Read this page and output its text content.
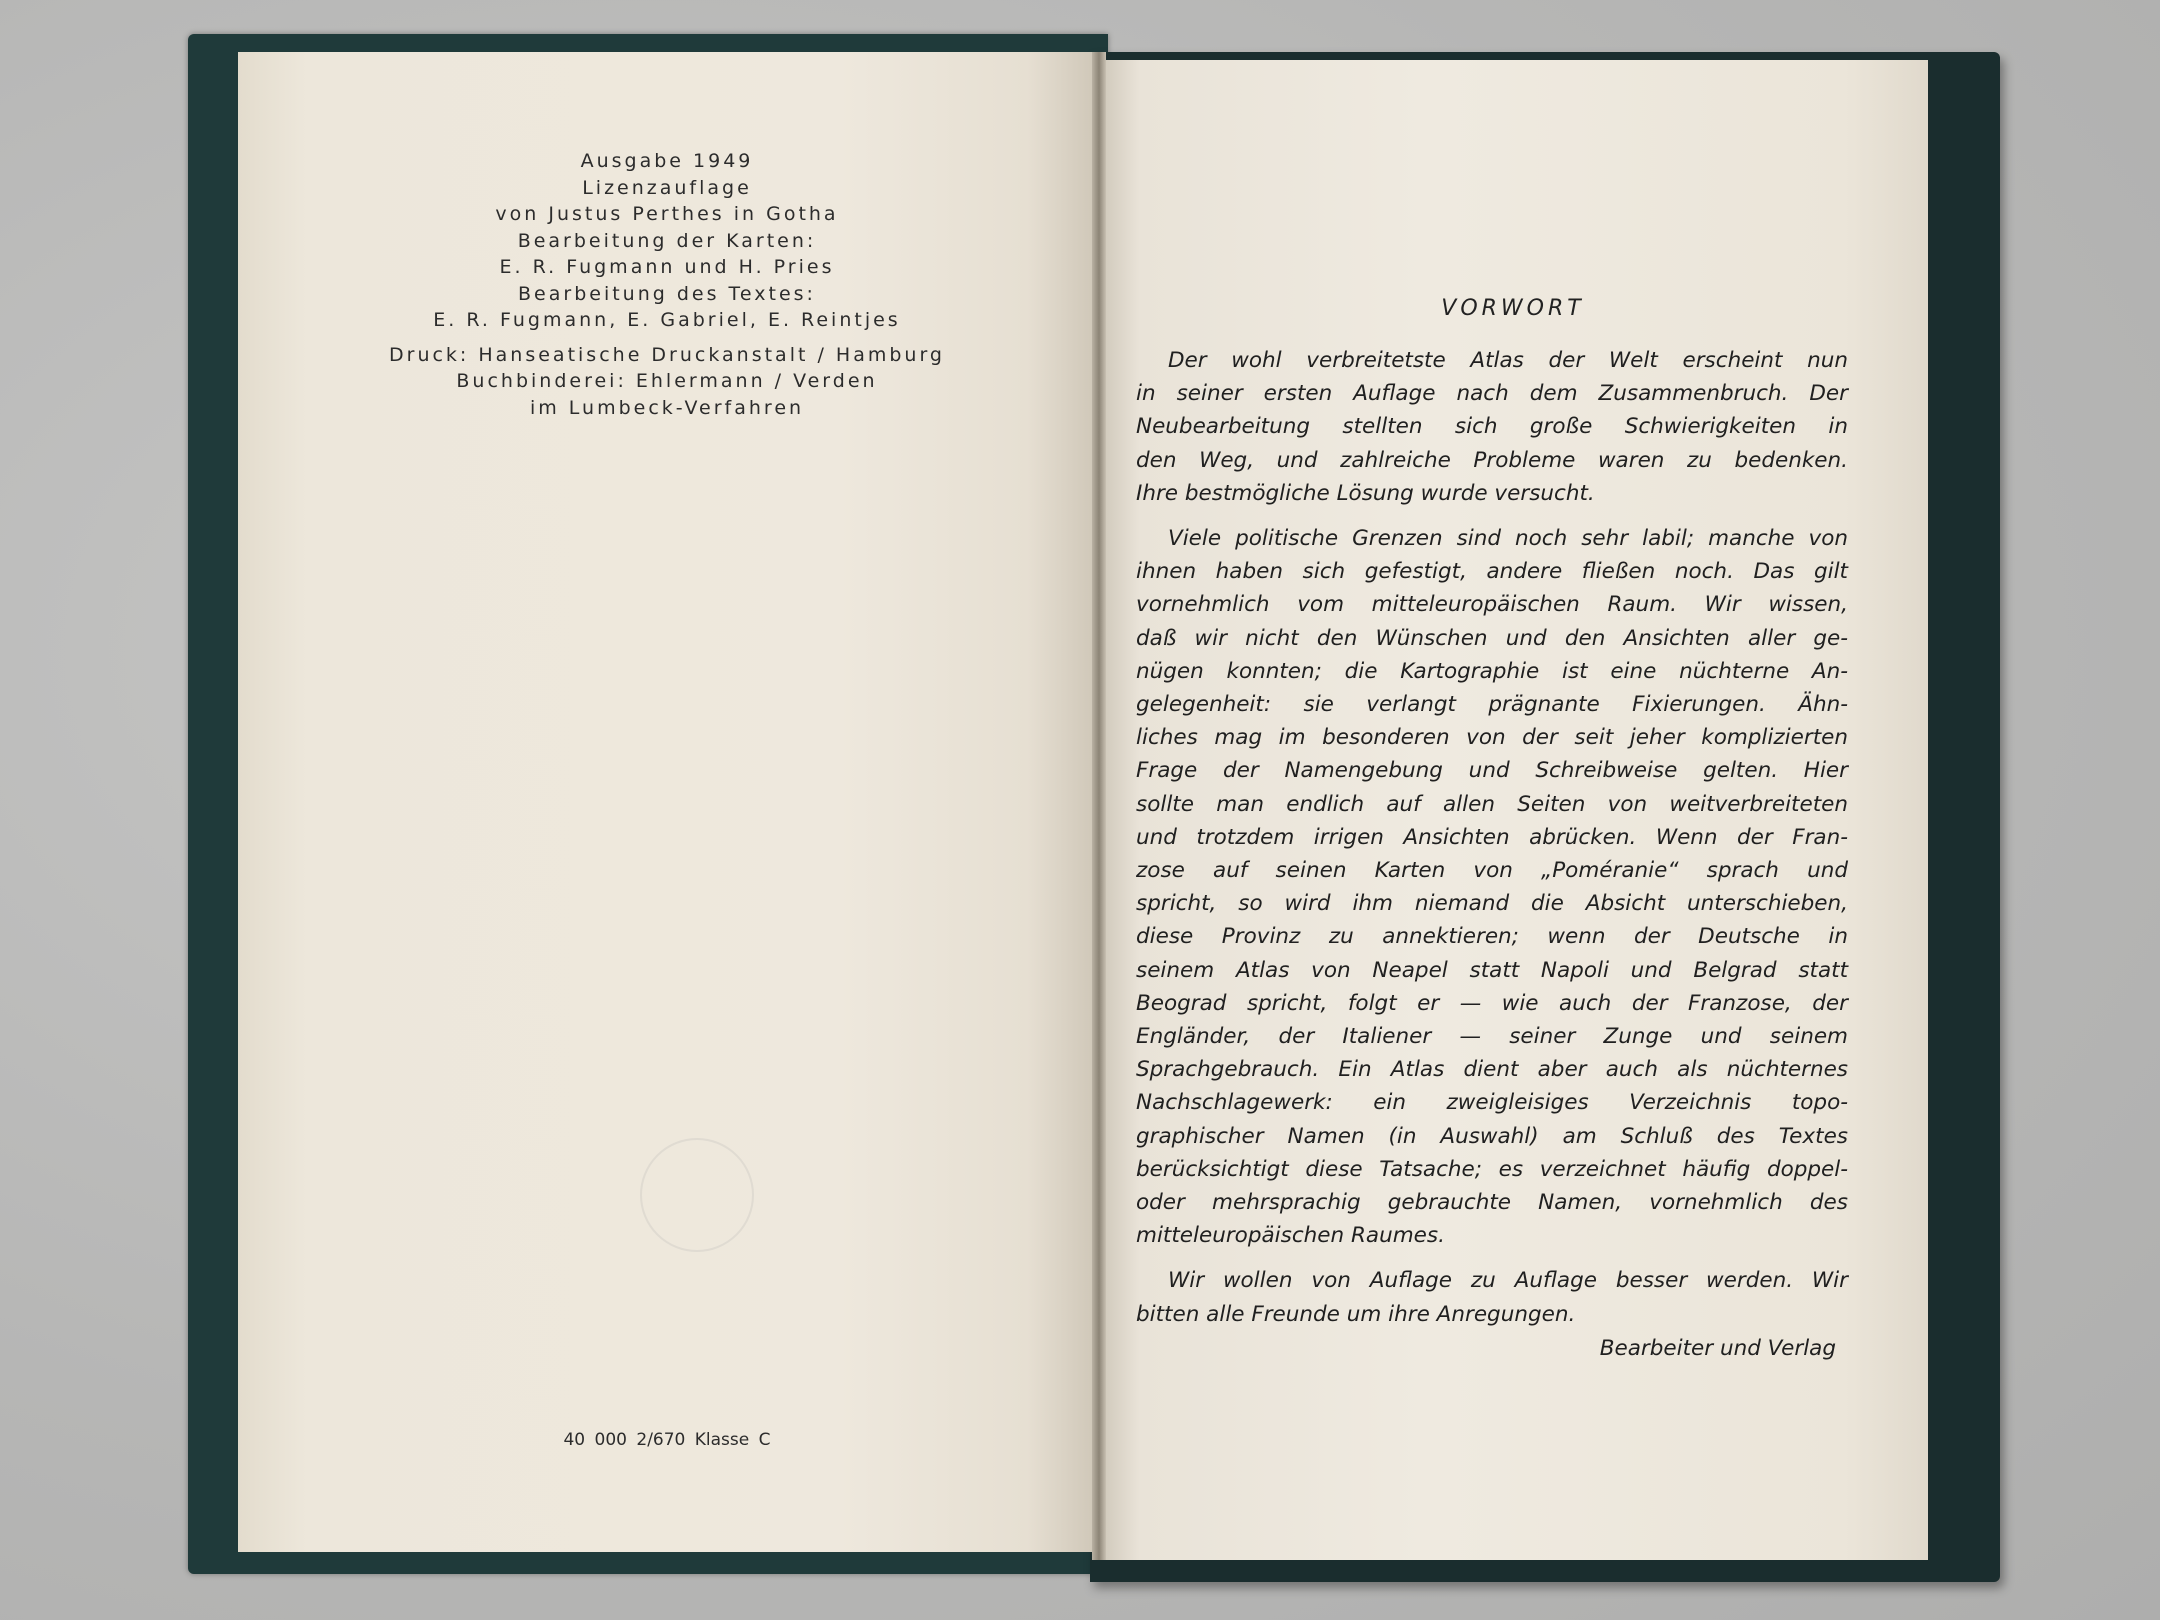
Ausgabe 1949
Lizenzauflage
von Justus Perthes in Gotha
Bearbeitung der Karten:
E. R. Fugmann und H. Pries
Bearbeitung des Textes:
E. R. Fugmann, E. Gabriel, E. Reintjes
Druck: Hanseatische Druckanstalt / Hamburg
Buchbinderei: Ehlermann / Verden
im Lumbeck-Verfahren
40 000 2/670 Klasse C
VORWORT
Der wohl verbreitetste Atlas der Welt erscheint nun
in seiner ersten Auflage nach dem Zusammenbruch. Der
Neubearbeitung stellten sich große Schwierigkeiten in
den Weg, und zahlreiche Probleme waren zu bedenken.
Ihre bestmögliche Lösung wurde versucht.
Viele politische Grenzen sind noch sehr labil; manche von
ihnen haben sich gefestigt, andere fließen noch. Das gilt
vornehmlich vom mitteleuropäischen Raum. Wir wissen,
daß wir nicht den Wünschen und den Ansichten aller ge-
nügen konnten; die Kartographie ist eine nüchterne An-
gelegenheit: sie verlangt prägnante Fixierungen. Ähn-
liches mag im besonderen von der seit jeher komplizierten
Frage der Namengebung und Schreibweise gelten. Hier
sollte man endlich auf allen Seiten von weitverbreiteten
und trotzdem irrigen Ansichten abrücken. Wenn der Fran-
zose auf seinen Karten von „Poméranie“ sprach und
spricht, so wird ihm niemand die Absicht unterschieben,
diese Provinz zu annektieren; wenn der Deutsche in
seinem Atlas von Neapel statt Napoli und Belgrad statt
Beograd spricht, folgt er — wie auch der Franzose, der
Engländer, der Italiener — seiner Zunge und seinem
Sprachgebrauch. Ein Atlas dient aber auch als nüchternes
Nachschlagewerk: ein zweigleisiges Verzeichnis topo-
graphischer Namen (in Auswahl) am Schluß des Textes
berücksichtigt diese Tatsache; es verzeichnet häufig doppel-
oder mehrsprachig gebrauchte Namen, vornehmlich des
mitteleuropäischen Raumes.
Wir wollen von Auflage zu Auflage besser werden. Wir
bitten alle Freunde um ihre Anregungen.
Bearbeiter und Verlag
